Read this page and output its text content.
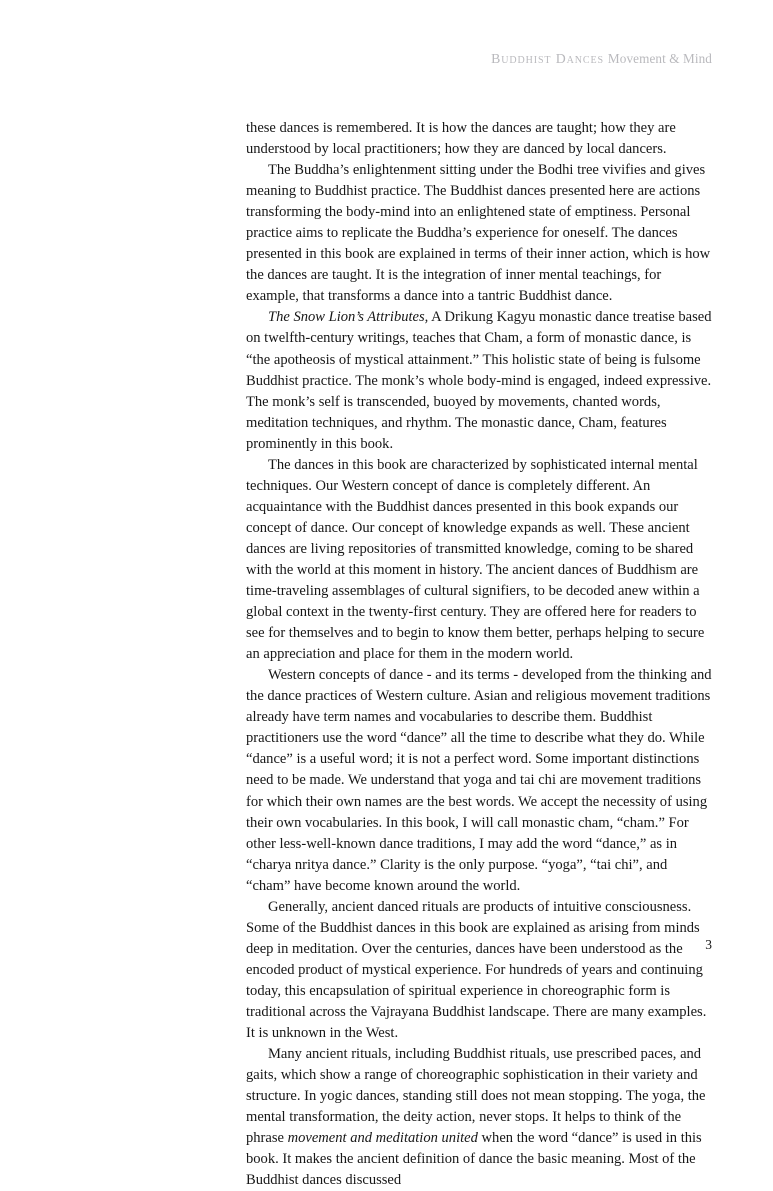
Buddhist Dances Movement & Mind

these dances is remembered. It is how the dances are taught; how they are understood by local practitioners; how they are danced by local dancers.

The Buddha’s enlightenment sitting under the Bodhi tree vivifies and gives meaning to Buddhist practice. The Buddhist dances presented here are actions transforming the body-mind into an enlightened state of emptiness. Personal practice aims to replicate the Buddha’s experience for oneself. The dances presented in this book are explained in terms of their inner action, which is how the dances are taught. It is the integration of inner mental teachings, for example, that transforms a dance into a tantric Buddhist dance.

The Snow Lion’s Attributes, A Drikung Kagyu monastic dance treatise based on twelfth-century writings, teaches that Cham, a form of monastic dance, is “the apotheosis of mystical attainment.” This holistic state of being is fulsome Buddhist practice. The monk’s whole body-mind is engaged, indeed expressive. The monk’s self is transcended, buoyed by movements, chanted words, meditation techniques, and rhythm. The monastic dance, Cham, features prominently in this book.

The dances in this book are characterized by sophisticated internal mental techniques. Our Western concept of dance is completely different. An acquaintance with the Buddhist dances presented in this book expands our concept of dance. Our concept of knowledge expands as well. These ancient dances are living repositories of transmitted knowledge, coming to be shared with the world at this moment in history. The ancient dances of Buddhism are time-traveling assemblages of cultural signifiers, to be decoded anew within a global context in the twenty-first century. They are offered here for readers to see for themselves and to begin to know them better, perhaps helping to secure an appreciation and place for them in the modern world.

Western concepts of dance - and its terms - developed from the thinking and the dance practices of Western culture. Asian and religious movement traditions already have term names and vocabularies to describe them. Buddhist practitioners use the word “dance” all the time to describe what they do. While “dance” is a useful word; it is not a perfect word. Some important distinctions need to be made. We understand that yoga and tai chi are movement traditions for which their own names are the best words. We accept the necessity of using their own vocabularies. In this book, I will call monastic cham, “cham.” For other less-well-known dance traditions, I may add the word “dance,” as in “charya nritya dance.” Clarity is the only purpose. “yoga”, “tai chi”, and “cham” have become known around the world.

Generally, ancient danced rituals are products of intuitive consciousness. Some of the Buddhist dances in this book are explained as arising from minds deep in meditation. Over the centuries, dances have been understood as the encoded product of mystical experience. For hundreds of years and continuing today, this encapsulation of spiritual experience in choreographic form is traditional across the Vajrayana Buddhist landscape. There are many examples. It is unknown in the West.

Many ancient rituals, including Buddhist rituals, use prescribed paces, and gaits, which show a range of choreographic sophistication in their variety and structure. In yogic dances, standing still does not mean stopping. The yoga, the mental transformation, the deity action, never stops. It helps to think of the phrase movement and meditation united when the word “dance” is used in this book. It makes the ancient definition of dance the basic meaning. Most of the Buddhist dances discussed

3
